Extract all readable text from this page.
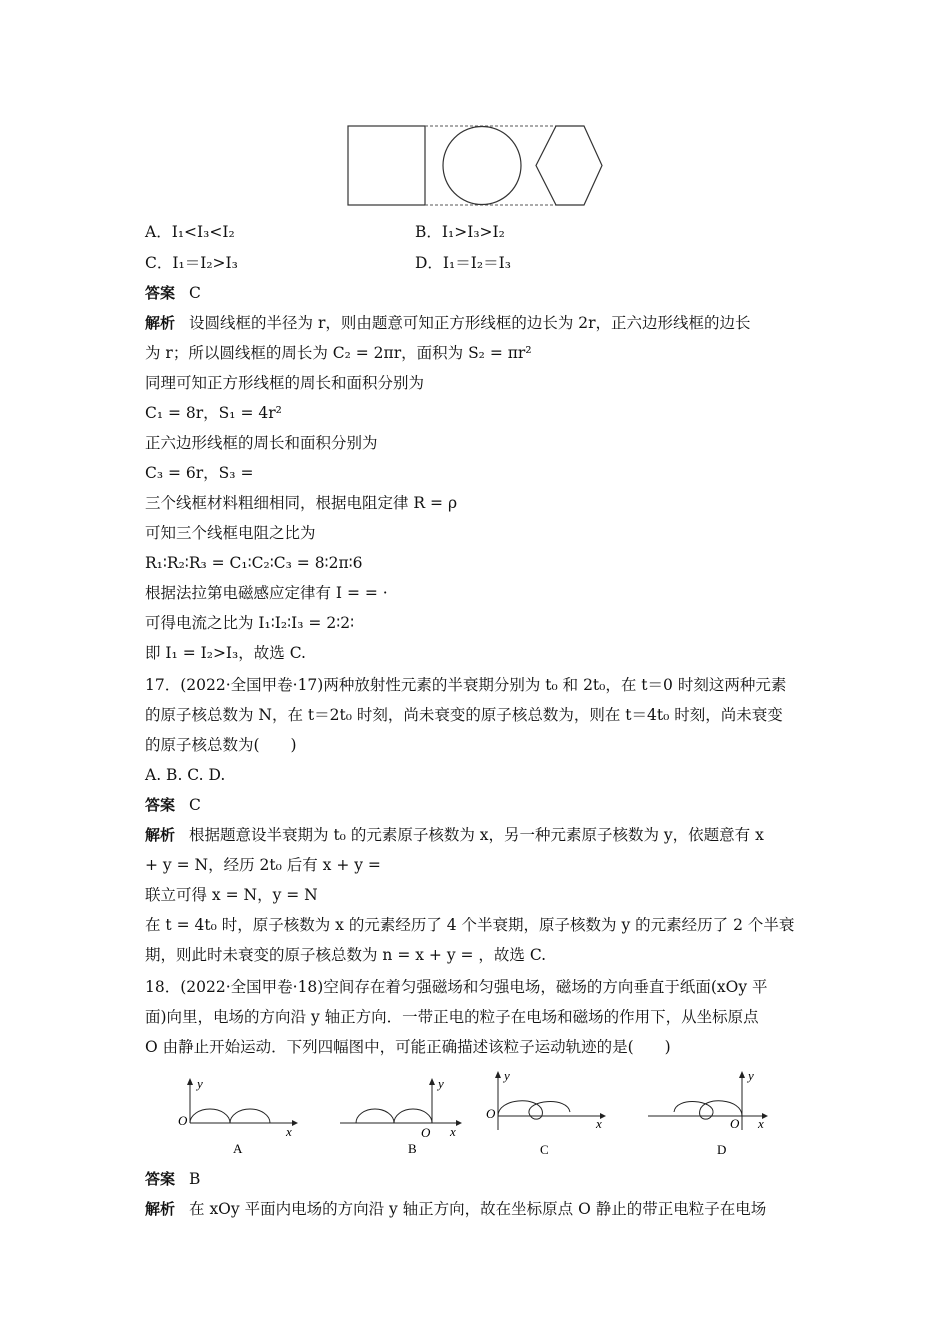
A．I₁<I₃<I₂	B．I₁>I₃>I₂
C．I₁＝I₂>I₃	D．I₁＝I₂＝I₃
答案 C
解析 设圆线框的半径为 r，则由题意可知正方形线框的边长为 2r，正六边形线框的边长
为 r；所以圆线框的周长为 C₂ = 2πr，面积为 S₂ = πr²
同理可知正方形线框的周长和面积分别为
C₁ = 8r，S₁ = 4r²
正六边形线框的周长和面积分别为
C₃ = 6r，S₃ =
三个线框材料粗细相同，根据电阻定律 R = ρ
可知三个线框电阻之比为
R₁∶R₂∶R₃ = C₁∶C₂∶C₃ = 8∶2π∶6
根据法拉第电磁感应定律有 I = = ·
可得电流之比为 I₁∶I₂∶I₃ = 2∶2∶
即 I₁ = I₂>I₃，故选 C.
17．(2022·全国甲卷·17)两种放射性元素的半衰期分别为 t₀ 和 2t₀，在 t＝0 时刻这两种元素
的原子核总数为 N，在 t＝2t₀ 时刻，尚未衰变的原子核总数为，则在 t＝4t₀ 时刻，尚未衰变
的原子核总数为(　　)
A. B. C. D.
答案 C
解析 根据题意设半衰期为 t₀ 的元素原子核数为 x，另一种元素原子核数为 y，依题意有 x
+ y = N，经历 2t₀ 后有 x + y =
联立可得 x = N，y = N
在 t = 4t₀ 时，原子核数为 x 的元素经历了 4 个半衰期，原子核数为 y 的元素经历了 2 个半衰
期，则此时未衰变的原子核总数为 n = x + y = ，故选 C.
18．(2022·全国甲卷·18)空间存在着匀强磁场和匀强电场，磁场的方向垂直于纸面(xOy 平
面)向里，电场的方向沿 y 轴正方向．一带正电的粒子在电场和磁场的作用下，从坐标原点
O 由静止开始运动．下列四幅图中，可能正确描述该粒子运动轨迹的是(　　)
y
x
O
A
y
x
O
B
y
x
O
C
y
x
O
D
答案 B
解析 在 xOy 平面内电场的方向沿 y 轴正方向，故在坐标原点 O 静止的带正电粒子在电场
